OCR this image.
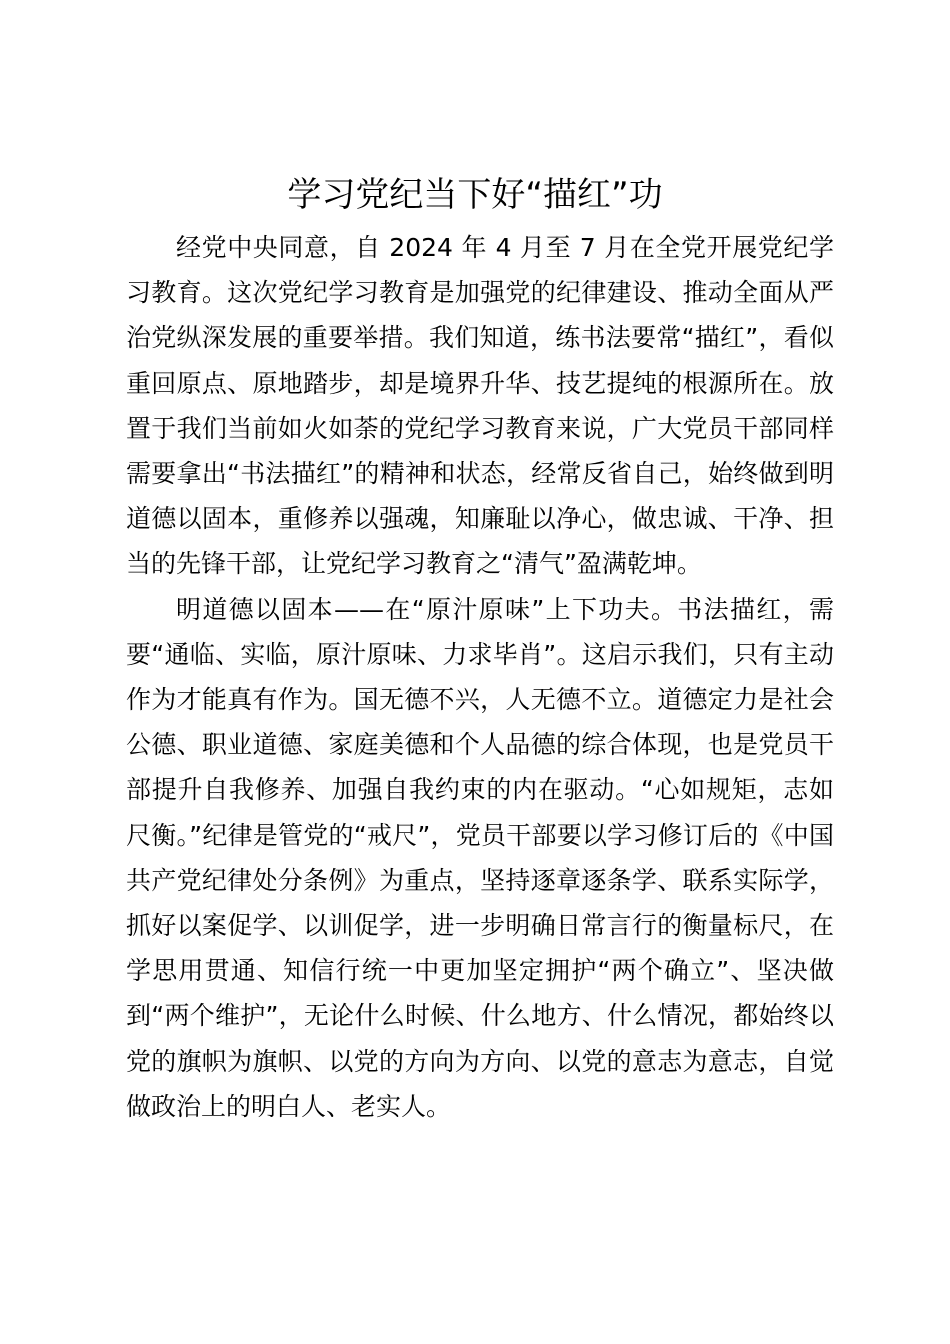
学习党纪当下好“描红”功

经党中央同意，自 2024 年 4 月至 7 月在全党开展党纪学习教育。这次党纪学习教育是加强党的纪律建设、推动全面从严治党纵深发展的重要举措。我们知道，练书法要常“描红”，看似重回原点、原地踏步，却是境界升华、技艺提纯的根源所在。放置于我们当前如火如荼的党纪学习教育来说，广大党员干部同样需要拿出“书法描红”的精神和状态，经常反省自己，始终做到明道德以固本，重修养以强魂，知廉耻以净心，做忠诚、干净、担当的先锋干部，让党纪学习教育之“清气”盈满乾坤。

明道德以固本——在“原汁原味”上下功夫。书法描红，需要“通临、实临，原汁原味、力求毕肖”。这启示我们，只有主动作为才能真有作为。国无德不兴，人无德不立。道德定力是社会公德、职业道德、家庭美德和个人品德的综合体现，也是党员干部提升自我修养、加强自我约束的内在驱动。“心如规矩，志如尺衡。”纪律是管党的“戒尺”，党员干部要以学习修订后的《中国共产党纪律处分条例》为重点，坚持逐章逐条学、联系实际学，抓好以案促学、以训促学，进一步明确日常言行的衡量标尺，在学思用贯通、知信行统一中更加坚定拥护“两个确立”、坚决做到“两个维护”，无论什么时候、什么地方、什么情况，都始终以党的旗帜为旗帜、以党的方向为方向、以党的意志为意志，自觉做政治上的明白人、老实人。
